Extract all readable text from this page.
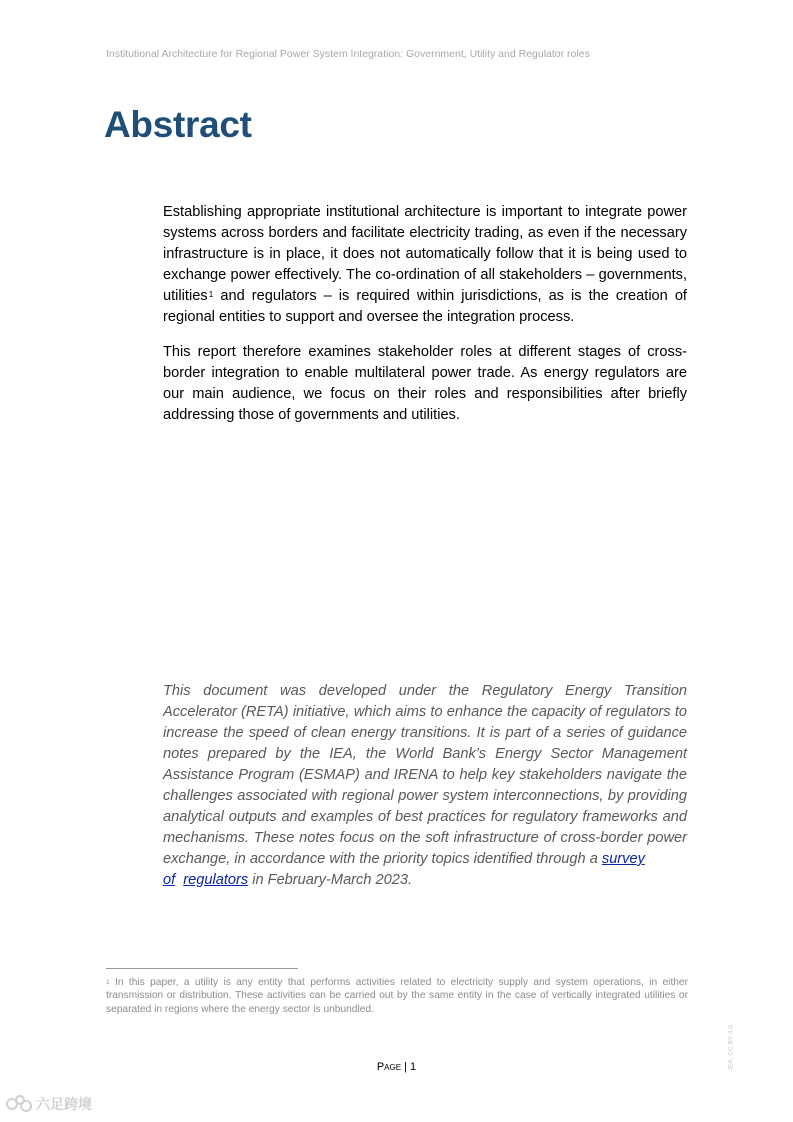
Institutional Architecture for Regional Power System Integration: Government, Utility and Regulator roles
Abstract

Establishing appropriate institutional architecture is important to integrate power systems across borders and facilitate electricity trading, as even if the necessary infrastructure is in place, it does not automatically follow that it is being used to exchange power effectively. The co-ordination of all stakeholders – governments, utilities$^1$ and regulators – is required within jurisdictions, as is the creation of regional entities to support and oversee the integration process.

This report therefore examines stakeholder roles at different stages of cross-border integration to enable multilateral power trade. As energy regulators are our main audience, we focus on their roles and responsibilities after briefly addressing those of governments and utilities.

This document was developed under the Regulatory Energy Transition Accelerator (RETA) initiative, which aims to enhance the capacity of regulators to increase the speed of clean energy transitions. It is part of a series of guidance notes prepared by the IEA, the World Bank’s Energy Sector Management Assistance Program (ESMAP) and IRENA to help key stakeholders navigate the challenges associated with regional power system interconnections, by providing analytical outputs and examples of best practices for regulatory frameworks and mechanisms. These notes focus on the soft infrastructure of cross-border power exchange, in accordance with the priority topics identified through a survey
of regulators in February-March 2023.

$^1$ In this paper, a utility is any entity that performs activities related to electricity supply and system operations, in either transmission or distribution. These activities can be carried out by the same entity in the case of vertically integrated utilities or separated in regions where the energy sector is unbundled.

Page | 1	IEA. CC BY 4.0.
六足跨境
